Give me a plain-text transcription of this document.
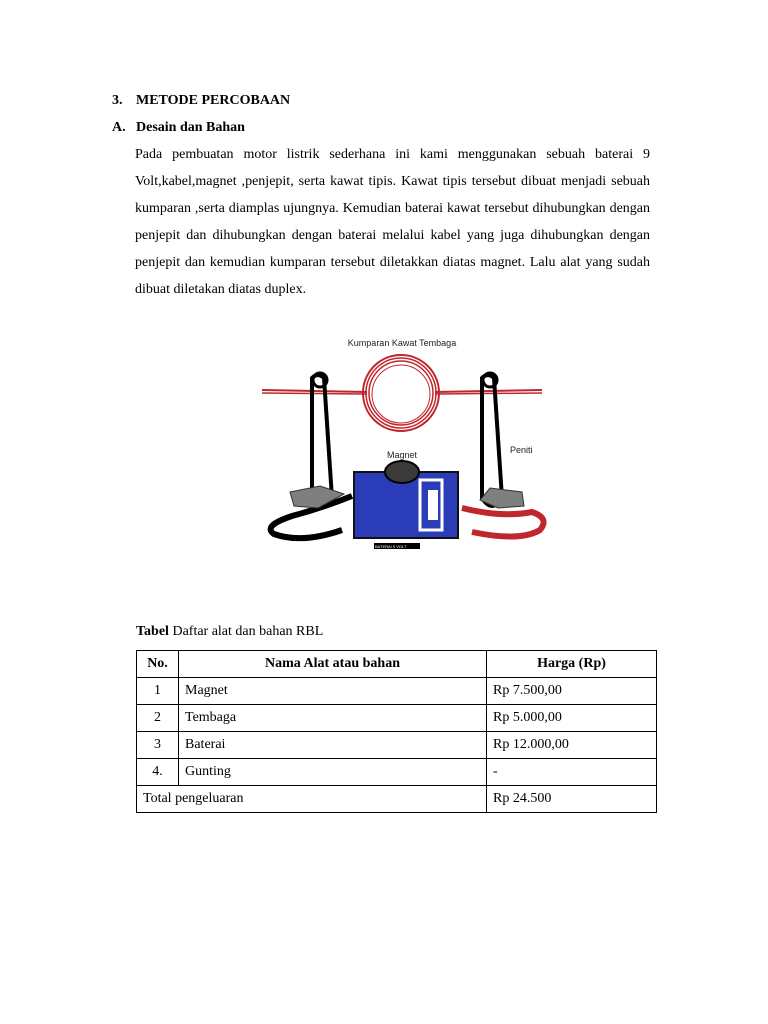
3. METODE PERCOBAAN
A. Desain dan Bahan
Pada pembuatan motor listrik sederhana ini kami menggunakan sebuah baterai 9 Volt,kabel,magnet ,penjepit, serta kawat tipis. Kawat tipis tersebut dibuat menjadi sebuah kumparan ,serta diamplas ujungnya. Kemudian baterai kawat tersebut dihubungkan dengan penjepit dan dihubungkan dengan baterai melalui kabel yang juga dihubungkan dengan penjepit dan kemudian kumparan tersebut diletakkan diatas magnet. Lalu alat yang sudah dibuat diletakan diatas duplex.
Kumparan Kawat Tembaga
Peniti
BATERAI 9 VOLT
Magnet
Tabel Daftar alat dan bahan RBL
No.	Nama Alat atau bahan	Harga (Rp)
1	Magnet	Rp 7.500,00
2	Tembaga	Rp 5.000,00
3	Baterai	Rp 12.000,00
4.	Gunting	-
Total pengeluaran		Rp 24.500
